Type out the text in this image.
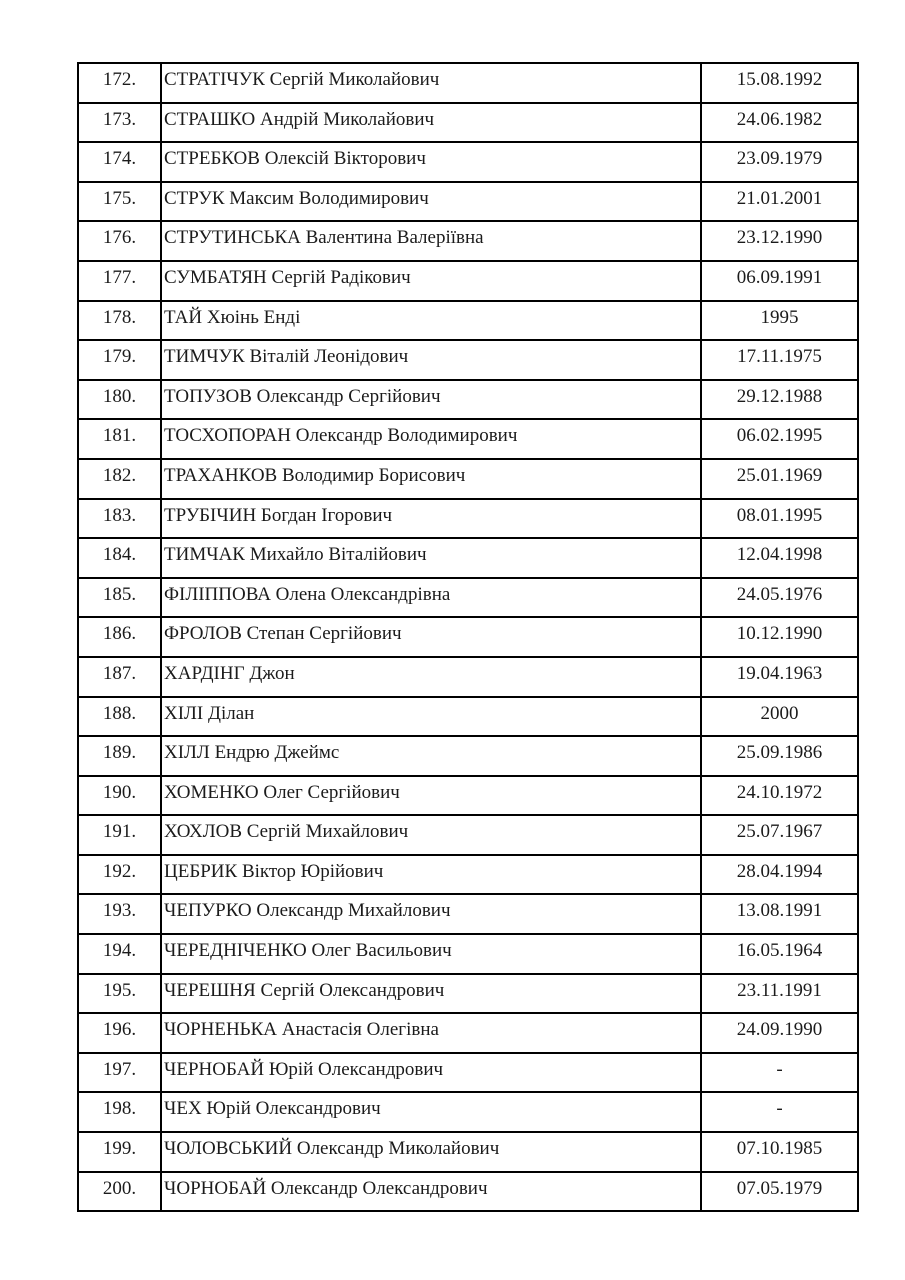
172.	СТРАТІЧУК Сергій Миколайович	15.08.1992
173.	СТРАШКО Андрій Миколайович	24.06.1982
174.	СТРЕБКОВ Олексій Вікторович	23.09.1979
175.	СТРУК Максим Володимирович	21.01.2001
176.	СТРУТИНСЬКА Валентина Валеріївна	23.12.1990
177.	СУМБАТЯН Сергій Радікович	06.09.1991
178.	ТАЙ Хюінь Енді	1995
179.	ТИМЧУК Віталій Леонідович	17.11.1975
180.	ТОПУЗОВ Олександр Сергійович	29.12.1988
181.	ТОСХОПОРАН Олександр Володимирович	06.02.1995
182.	ТРАХАНКОВ Володимир Борисович	25.01.1969
183.	ТРУБІЧИН Богдан Ігорович	08.01.1995
184.	ТИМЧАК Михайло Віталійович	12.04.1998
185.	ФІЛІППОВА Олена Олександрівна	24.05.1976
186.	ФРОЛОВ Степан Сергійович	10.12.1990
187.	ХАРДІНГ Джон	19.04.1963
188.	ХІЛІ Ділан	2000
189.	ХІЛЛ Ендрю Джеймс	25.09.1986
190.	ХОМЕНКО Олег Сергійович	24.10.1972
191.	ХОХЛОВ Сергій Михайлович	25.07.1967
192.	ЦЕБРИК Віктор Юрійович	28.04.1994
193.	ЧЕПУРКО Олександр Михайлович	13.08.1991
194.	ЧЕРЕДНІЧЕНКО Олег Васильович	16.05.1964
195.	ЧЕРЕШНЯ Сергій Олександрович	23.11.1991
196.	ЧОРНЕНЬКА Анастасія Олегівна	24.09.1990
197.	ЧЕРНОБАЙ Юрій Олександрович	-
198.	ЧЕХ Юрій Олександрович	-
199.	ЧОЛОВСЬКИЙ Олександр Миколайович	07.10.1985
200.	ЧОРНОБАЙ Олександр Олександрович	07.05.1979
